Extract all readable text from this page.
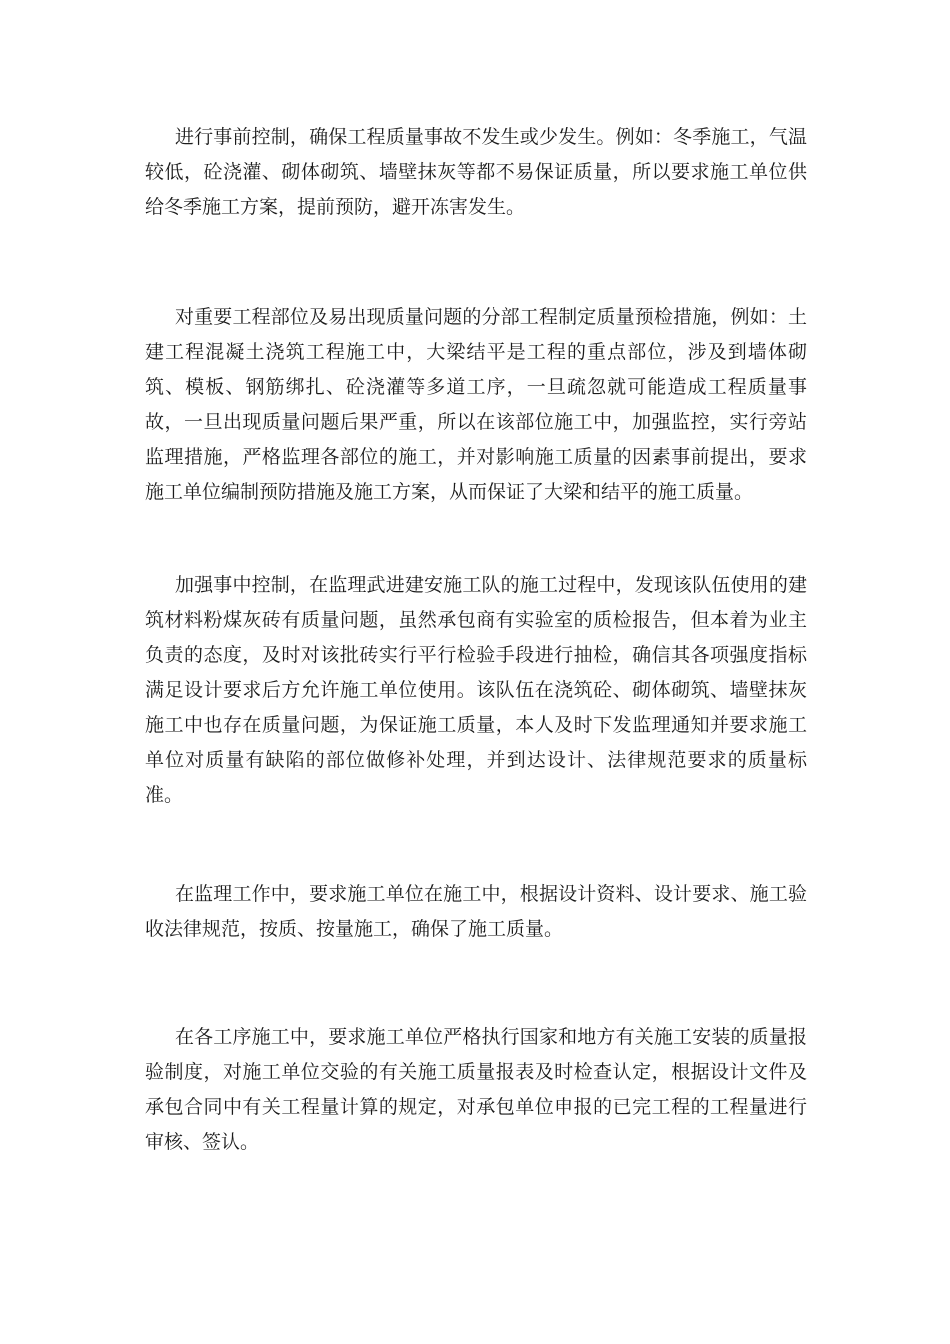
进行事前控制，确保工程质量事故不发生或少发生。例如：冬季施工，气温较低，砼浇灌、砌体砌筑、墙壁抹灰等都不易保证质量，所以要求施工单位供给冬季施工方案，提前预防，避开冻害发生。

对重要工程部位及易出现质量问题的分部工程制定质量预检措施，例如：土建工程混凝土浇筑工程施工中，大梁结平是工程的重点部位，涉及到墙体砌筑、模板、钢筋绑扎、砼浇灌等多道工序，一旦疏忽就可能造成工程质量事故，一旦出现质量问题后果严重，所以在该部位施工中，加强监控，实行旁站监理措施，严格监理各部位的施工，并对影响施工质量的因素事前提出，要求施工单位编制预防措施及施工方案，从而保证了大梁和结平的施工质量。

加强事中控制，在监理武进建安施工队的施工过程中，发现该队伍使用的建筑材料粉煤灰砖有质量问题，虽然承包商有实验室的质检报告，但本着为业主负责的态度，及时对该批砖实行平行检验手段进行抽检，确信其各项强度指标满足设计要求后方允许施工单位使用。该队伍在浇筑砼、砌体砌筑、墙壁抹灰施工中也存在质量问题，为保证施工质量，本人及时下发监理通知并要求施工单位对质量有缺陷的部位做修补处理，并到达设计、法律规范要求的质量标准。

在监理工作中，要求施工单位在施工中，根据设计资料、设计要求、施工验收法律规范，按质、按量施工，确保了施工质量。

在各工序施工中，要求施工单位严格执行国家和地方有关施工安装的质量报验制度，对施工单位交验的有关施工质量报表及时检查认定，根据设计文件及承包合同中有关工程量计算的规定，对承包单位申报的已完工程的工程量进行审核、签认。
